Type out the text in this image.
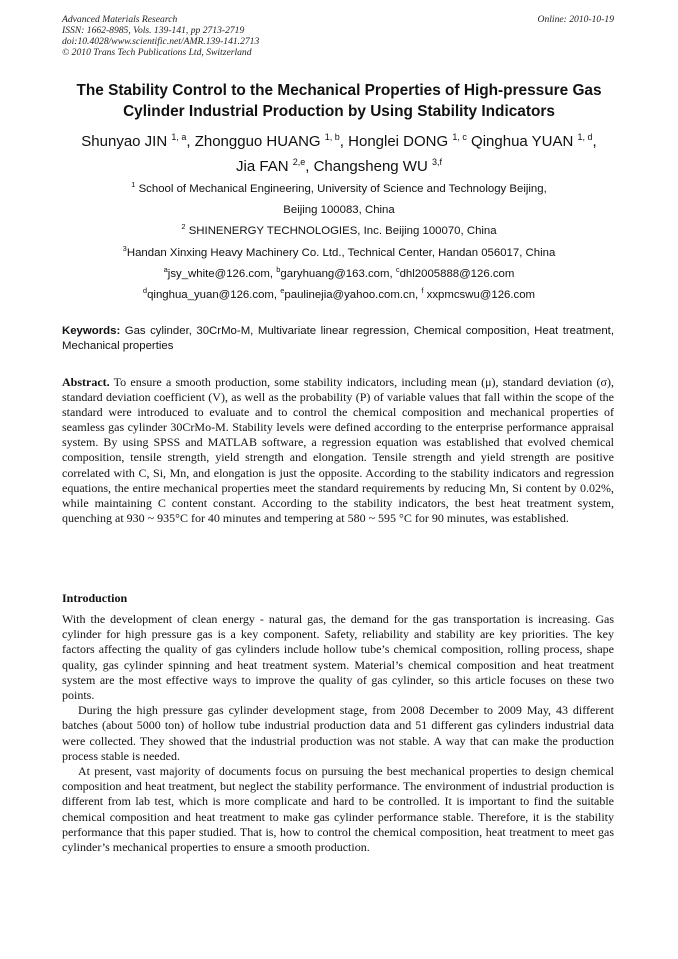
Advanced Materials Research
ISSN: 1662-8985, Vols. 139-141, pp 2713-2719
doi:10.4028/www.scientific.net/AMR.139-141.2713
© 2010 Trans Tech Publications Ltd, Switzerland
Online: 2010-10-19
The Stability Control to the Mechanical Properties of High-pressure Gas
Cylinder Industrial Production by Using Stability Indicators
Shunyao JIN $^{1, a}$, Zhongguo HUANG $^{1, b}$, Honglei DONG $^{1, c}$ Qinghua YUAN $^{1, d}$,
Jia FAN $^{2,e}$, Changsheng WU $^{3,f}$
$^1$ School of Mechanical Engineering, University of Science and Technology Beijing,
Beijing 100083, China
$^2$ SHINENERGY TECHNOLOGIES, Inc. Beijing 100070, China
$^3$Handan Xinxing Heavy Machinery Co. Ltd., Technical Center, Handan 056017, China
$^a$jsy_white@126.com, $^b$garyhuang@163.com, $^c$dhl2005888@126.com
$^d$qinghua_yuan@126.com, $^e$paulinejia@yahoo.com.cn, $^f$ xxpmcswu@126.com
Keywords: Gas cylinder, 30CrMo-M, Multivariate linear regression, Chemical composition, Heat treatment, Mechanical properties
Abstract. To ensure a smooth production, some stability indicators, including mean (μ), standard deviation (σ), standard deviation coefficient (V), as well as the probability (P) of variable values that fall within the scope of the standard were introduced to evaluate and to control the chemical composition and mechanical properties of seamless gas cylinder 30CrMo-M. Stability levels were defined according to the enterprise performance appraisal system. By using SPSS and MATLAB software, a regression equation was established that evolved chemical composition, tensile strength, yield strength and elongation. Tensile strength and yield strength are positive correlated with C, Si, Mn, and elongation is just the opposite. According to the stability indicators and regression equations, the entire mechanical properties meet the standard requirements by reducing Mn, Si content by 0.02%, while maintaining C content constant. According to the stability indicators, the best heat treatment system, quenching at 930 ~ 935°C for 40 minutes and tempering at 580 ~ 595 °C for 90 minutes, was established.
Introduction

With the development of clean energy - natural gas, the demand for the gas transportation is increasing. Gas cylinder for high pressure gas is a key component. Safety, reliability and stability are key priorities. The key factors affecting the quality of gas cylinders include hollow tube’s chemical composition, rolling process, shape quality, gas cylinder spinning and heat treatment system. Material’s chemical composition and heat treatment system are the most effective ways to improve the quality of gas cylinder, so this article focuses on these two points.

During the high pressure gas cylinder development stage, from 2008 December to 2009 May, 43 different batches (about 5000 ton) of hollow tube industrial production data and 51 different gas cylinders industrial data were collected. They showed that the industrial production was not stable. A way that can make the production process stable is needed.

At present, vast majority of documents focus on pursuing the best mechanical properties to design chemical composition and heat treatment, but neglect the stability performance. The environment of industrial production is different from lab test, which is more complicate and hard to be controlled. It is important to find the suitable chemical composition and heat treatment to make gas cylinder performance stable. Therefore, it is the stability performance that this paper studied. That is, how to control the chemical composition, heat treatment to meet gas cylinder’s mechanical properties to ensure a smooth production.
